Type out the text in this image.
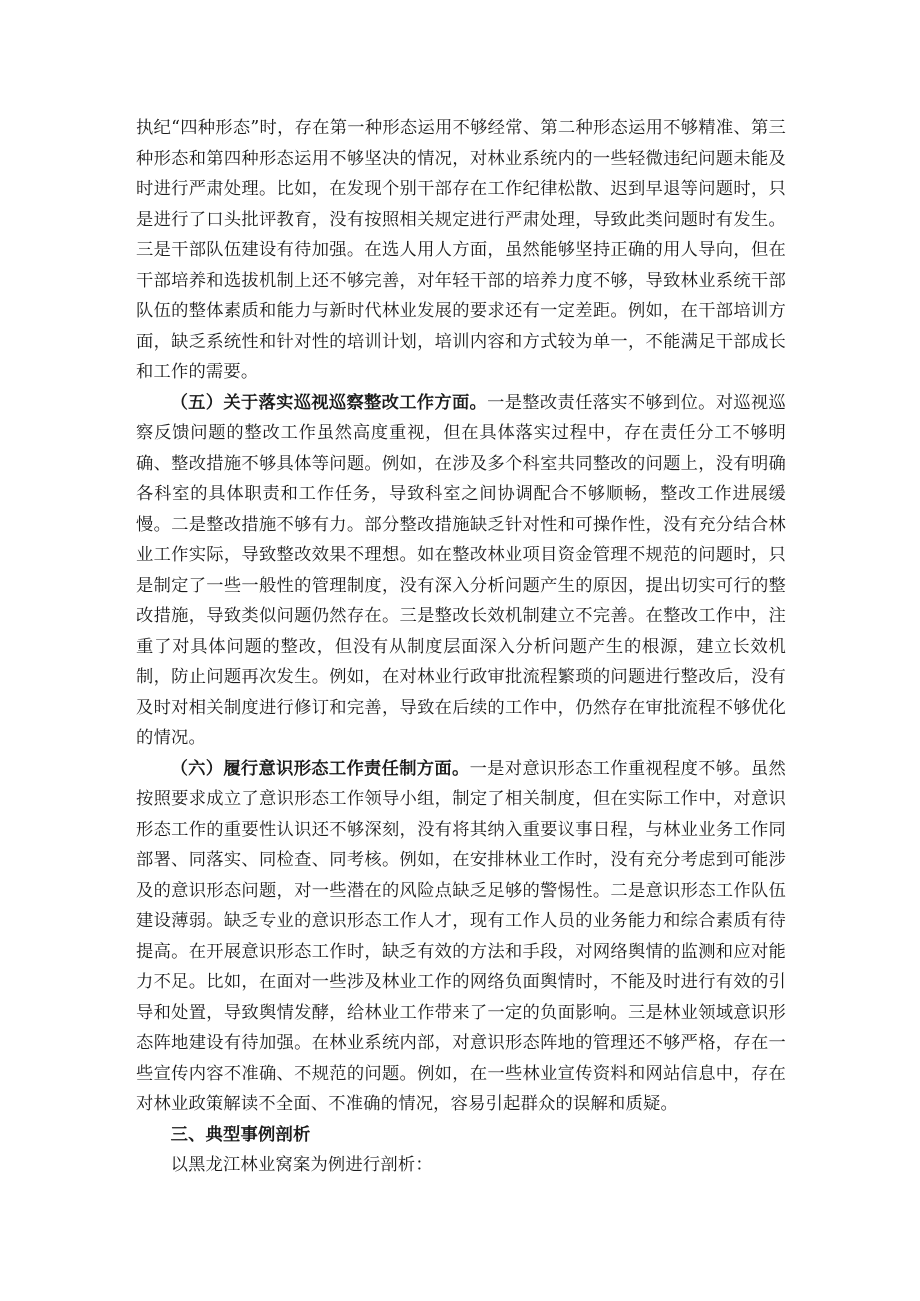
执纪“四种形态”时，存在第一种形态运用不够经常、第二种形态运用不够精准、第三种形态和第四种形态运用不够坚决的情况，对林业系统内的一些轻微违纪问题未能及时进行严肃处理。比如，在发现个别干部存在工作纪律松散、迟到早退等问题时，只是进行了口头批评教育，没有按照相关规定进行严肃处理，导致此类问题时有发生。三是干部队伍建设有待加强。在选人用人方面，虽然能够坚持正确的用人导向，但在干部培养和选拔机制上还不够完善，对年轻干部的培养力度不够，导致林业系统干部队伍的整体素质和能力与新时代林业发展的要求还有一定差距。例如，在干部培训方面，缺乏系统性和针对性的培训计划，培训内容和方式较为单一，不能满足干部成长和工作的需要。

（五）关于落实巡视巡察整改工作方面。一是整改责任落实不够到位。对巡视巡察反馈问题的整改工作虽然高度重视，但在具体落实过程中，存在责任分工不够明确、整改措施不够具体等问题。例如，在涉及多个科室共同整改的问题上，没有明确各科室的具体职责和工作任务，导致科室之间协调配合不够顺畅，整改工作进展缓慢。二是整改措施不够有力。部分整改措施缺乏针对性和可操作性，没有充分结合林业工作实际，导致整改效果不理想。如在整改林业项目资金管理不规范的问题时，只是制定了一些一般性的管理制度，没有深入分析问题产生的原因，提出切实可行的整改措施，导致类似问题仍然存在。三是整改长效机制建立不完善。在整改工作中，注重了对具体问题的整改，但没有从制度层面深入分析问题产生的根源，建立长效机制，防止问题再次发生。例如，在对林业行政审批流程繁琐的问题进行整改后，没有及时对相关制度进行修订和完善，导致在后续的工作中，仍然存在审批流程不够优化的情况。

（六）履行意识形态工作责任制方面。一是对意识形态工作重视程度不够。虽然按照要求成立了意识形态工作领导小组，制定了相关制度，但在实际工作中，对意识形态工作的重要性认识还不够深刻，没有将其纳入重要议事日程，与林业业务工作同部署、同落实、同检查、同考核。例如，在安排林业工作时，没有充分考虑到可能涉及的意识形态问题，对一些潜在的风险点缺乏足够的警惕性。二是意识形态工作队伍建设薄弱。缺乏专业的意识形态工作人才，现有工作人员的业务能力和综合素质有待提高。在开展意识形态工作时，缺乏有效的方法和手段，对网络舆情的监测和应对能力不足。比如，在面对一些涉及林业工作的网络负面舆情时，不能及时进行有效的引导和处置，导致舆情发酵，给林业工作带来了一定的负面影响。三是林业领域意识形态阵地建设有待加强。在林业系统内部，对意识形态阵地的管理还不够严格，存在一些宣传内容不准确、不规范的问题。例如，在一些林业宣传资料和网站信息中，存在对林业政策解读不全面、不准确的情况，容易引起群众的误解和质疑。

三、典型事例剖析

以黑龙江林业窝案为例进行剖析：
